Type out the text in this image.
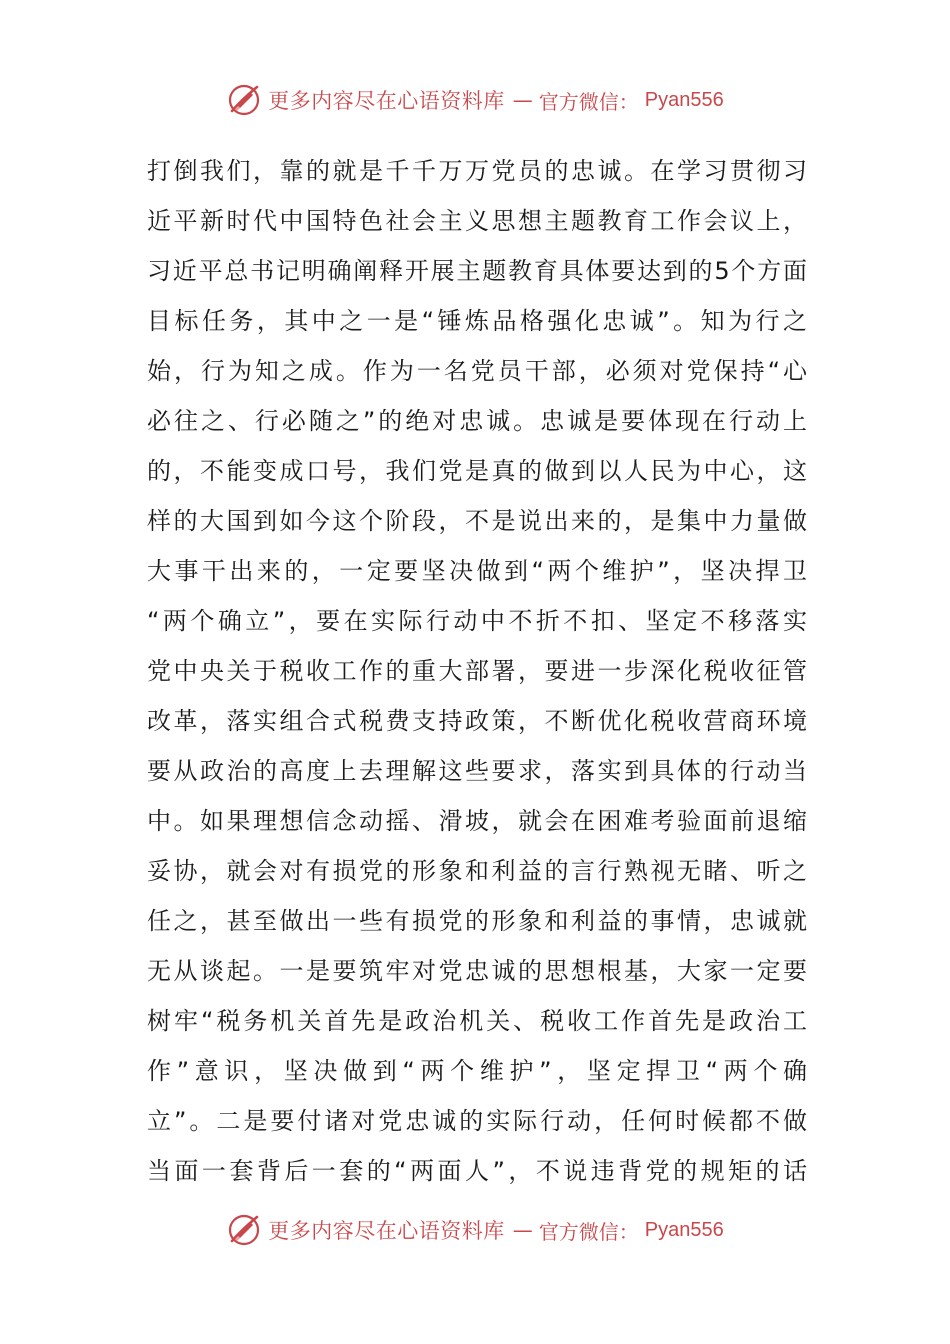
更多内容尽在心语资料库 — 官方微信： Pyan556
打倒我们，靠的就是千千万万党员的忠诚。在学习贯彻习
近平新时代中国特色社会主义思想主题教育工作会议上，
习近平总书记明确阐释开展主题教育具体要达到的5个方面
目标任务，其中之一是“锤炼品格强化忠诚”。知为行之
始，行为知之成。作为一名党员干部，必须对党保持“心
必往之、行必随之”的绝对忠诚。忠诚是要体现在行动上
的，不能变成口号，我们党是真的做到以人民为中心，这
样的大国到如今这个阶段，不是说出来的，是集中力量做
大事干出来的，一定要坚决做到“两个维护”，坚决捍卫
“两个确立”，要在实际行动中不折不扣、坚定不移落实
党中央关于税收工作的重大部署，要进一步深化税收征管
改革，落实组合式税费支持政策，不断优化税收营商环境
要从政治的高度上去理解这些要求，落实到具体的行动当
中。如果理想信念动摇、滑坡，就会在困难考验面前退缩
妥协，就会对有损党的形象和利益的言行熟视无睹、听之
任之，甚至做出一些有损党的形象和利益的事情，忠诚就
无从谈起。一是要筑牢对党忠诚的思想根基，大家一定要
树牢“税务机关首先是政治机关、税收工作首先是政治工
作”意识，坚决做到“两个维护”，坚定捍卫“两个确
立”。二是要付诸对党忠诚的实际行动，任何时候都不做
当面一套背后一套的“两面人”，不说违背党的规矩的话
更多内容尽在心语资料库 — 官方微信： Pyan556
